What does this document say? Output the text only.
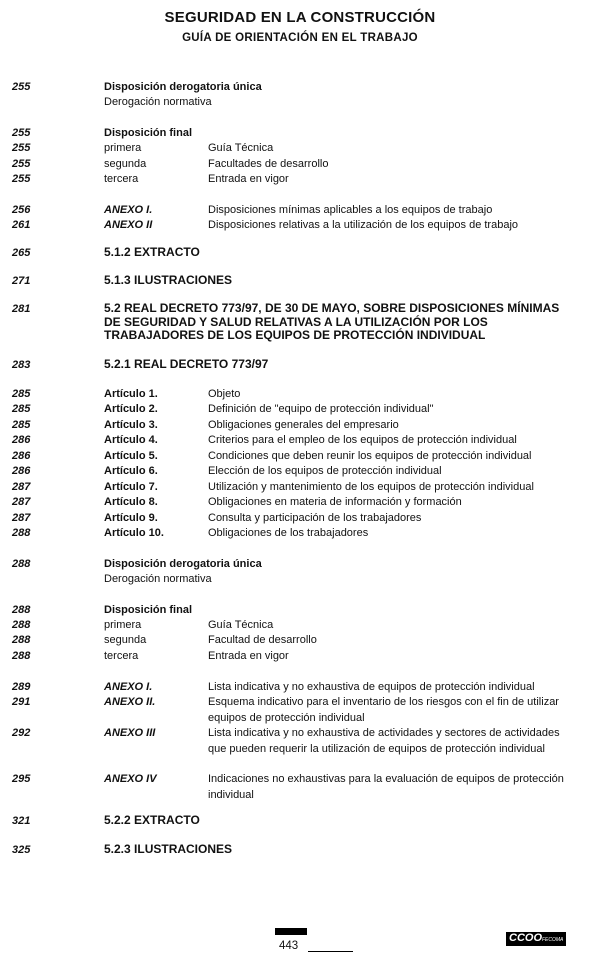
SEGURIDAD EN LA CONSTRUCCIÓN
GUÍA DE ORIENTACIÓN EN EL TRABAJO
255	Disposición derogatoria única
Derogación normativa
255	Disposición final
255	primera	Guía Técnica
255	segunda	Facultades de desarrollo
255	tercera	Entrada en vigor
256	ANEXO I.	Disposiciones mínimas aplicables a los equipos de trabajo
261	ANEXO II	Disposiciones relativas a la utilización de los equipos de trabajo
265	5.1.2 EXTRACTO
271	5.1.3 ILUSTRACIONES
281	5.2 REAL DECRETO 773/97, DE 30 DE MAYO, SOBRE DISPOSICIONES MÍNIMAS DE SEGURIDAD Y SALUD RELATIVAS A LA UTILIZACIÓN POR LOS TRABAJADORES DE LOS EQUIPOS DE PROTECCIÓN INDIVIDUAL
283	5.2.1 REAL DECRETO 773/97
285	Artículo 1.	Objeto
285	Artículo 2.	Definición de "equipo de protección individual"
285	Artículo 3.	Obligaciones generales del empresario
286	Artículo 4.	Criterios para el empleo de los equipos de protección individual
286	Artículo 5.	Condiciones que deben reunir los equipos de protección individual
286	Artículo 6.	Elección de los equipos de protección individual
287	Artículo 7.	Utilización y mantenimiento de los equipos de protección individual
287	Artículo 8.	Obligaciones en materia de información y formación
287	Artículo 9.	Consulta y participación de los trabajadores
288	Artículo 10.	Obligaciones de los trabajadores
288	Disposición derogatoria única
Derogación normativa
288	Disposición final
288	primera	Guía Técnica
288	segunda	Facultad de desarrollo
288	tercera	Entrada en vigor
289	ANEXO I.	Lista indicativa y no exhaustiva de equipos de protección individual
291	ANEXO II.	Esquema indicativo para el inventario de los riesgos con el fin de utilizar equipos de protección individual
292	ANEXO III	Lista indicativa y no exhaustiva de actividades y sectores de actividades que pueden requerir la utilización de equipos de protección individual
295	ANEXO IV	Indicaciones no exhaustivas para la evaluación de equipos de protección individual
321	5.2.2 EXTRACTO
325	5.2.3 ILUSTRACIONES
443
CCOOFECOMA
